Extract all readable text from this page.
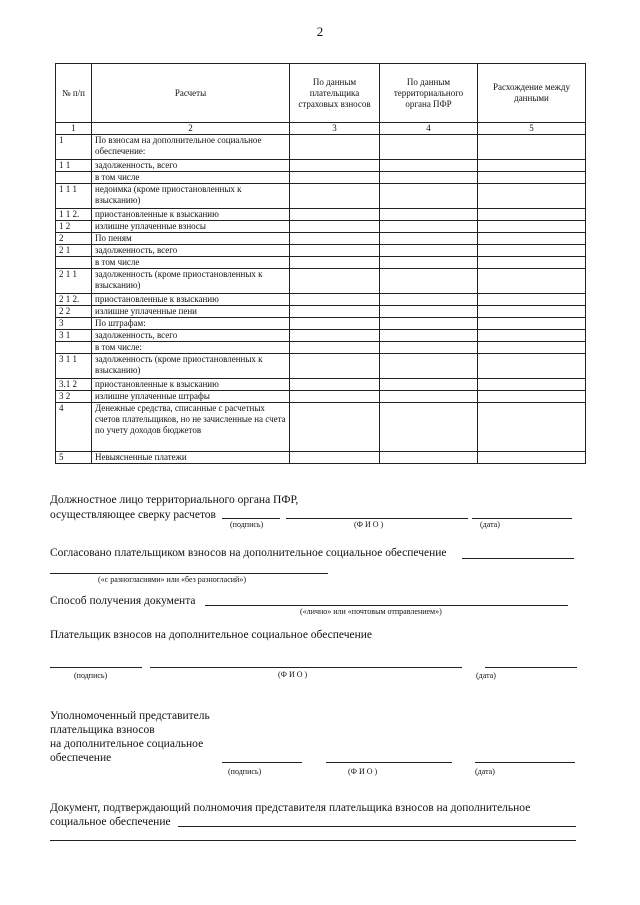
2
№ п/п	Расчеты	По данным плательщика страховых взносов	По данным территориального органа ПФР	Расхождение между данными
1	2	3	4	5
1	По взносам на дополнительное социальное обеспечение:			
1 1	задолженность, всего			
	в том числе			
1 1 1	недоимка (кроме приостановленных к взысканию)			
1 1 2.	приостановленные к взысканию			
1 2	излишне уплаченные взносы			
2	По пеням			
2 1	задолженность, всего			
	в том числе			
2 1 1	задолженность (кроме приостановленных к взысканию)			
2 1 2.	приостановленные к взысканию			
2 2	излишне уплаченные пени			
3	По штрафам:			
3 1	задолженность, всего			
	в том числе:			
3 1 1	задолженность (кроме приостановленных к взысканию)			
3.1 2	приостановленные к взысканию			
3 2	излишне уплаченные штрафы			
4	Денежные средства, списанные с расчетных счетов плательщиков, но не зачисленные на счета по учету доходов бюджетов			
5	Невыясненные платежи			
Должностное лицо территориального органа ПФР,
осуществляющее сверку расчетов
(подпись)	(Ф И О )	(дата)
Согласовано плательщиком взносов на дополнительное социальное обеспечение
(«с разногласиями» или «без разногласий»)
Способ получения документа
(«лично» или «почтовым отправлением»)
Плательщик взносов на дополнительное социальное обеспечение
(подпись)	(Ф И О )	(дата)
Уполномоченный представитель
плательщика взносов
на дополнительное социальное
обеспечение
(подпись)	(Ф И О )	(дата)
Документ, подтверждающий полномочия представителя плательщика взносов на дополнительное
социальное обеспечение
